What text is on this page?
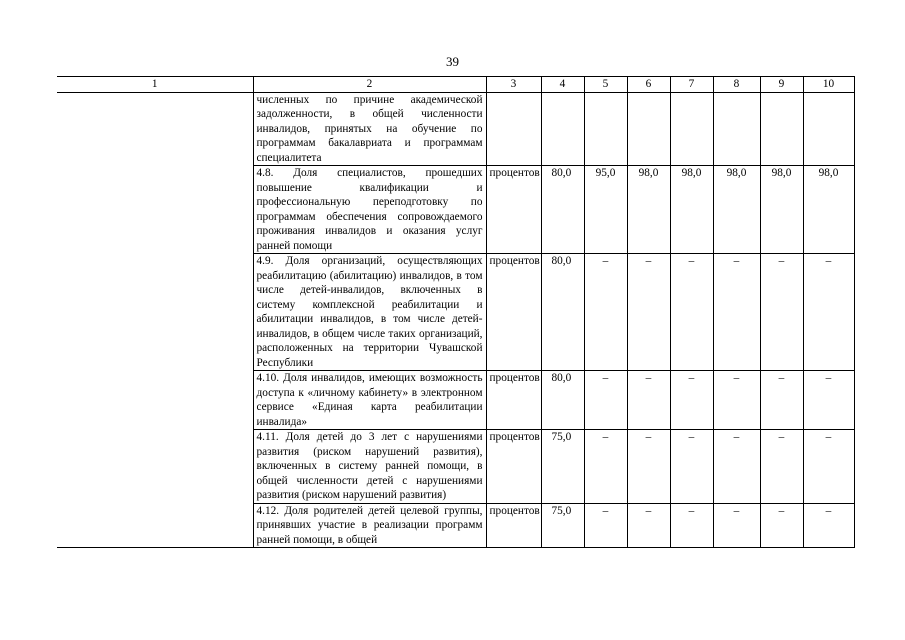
39
1	2	3	4	5	6	7	8	9	10
	численных по причине академической задолженности, в общей численности инвалидов, принятых на обучение по программам бакалавриата и программам специалитета								
	4.8. Доля специалистов, прошедших повышение квалификации и профессиональную переподготовку по программам обеспечения сопровождаемого проживания инвалидов и оказания услуг ранней помощи	процентов	80,0	95,0	98,0	98,0	98,0	98,0	98,0
	4.9. Доля организаций, осуществляющих реабилитацию (абилитацию) инвалидов, в том числе детей-инвалидов, включенных в систему комплексной реабилитации и абилитации инвалидов, в том числе детей-инвалидов, в общем числе таких организаций, расположенных на территории Чувашской Республики	процентов	80,0	–	–	–	–	–	–
	4.10. Доля инвалидов, имеющих возможность доступа к «личному кабинету» в электронном сервисе «Единая карта реабилитации инвалида»	процентов	80,0	–	–	–	–	–	–
	4.11. Доля детей до 3 лет с нарушениями развития (риском нарушений развития), включенных в систему ранней помощи, в общей численности детей с нарушениями развития (риском нарушений развития)	процентов	75,0	–	–	–	–	–	–
	4.12. Доля родителей детей целевой группы, принявших участие в реализации программ ранней помощи, в общей	процентов	75,0	–	–	–	–	–	–
